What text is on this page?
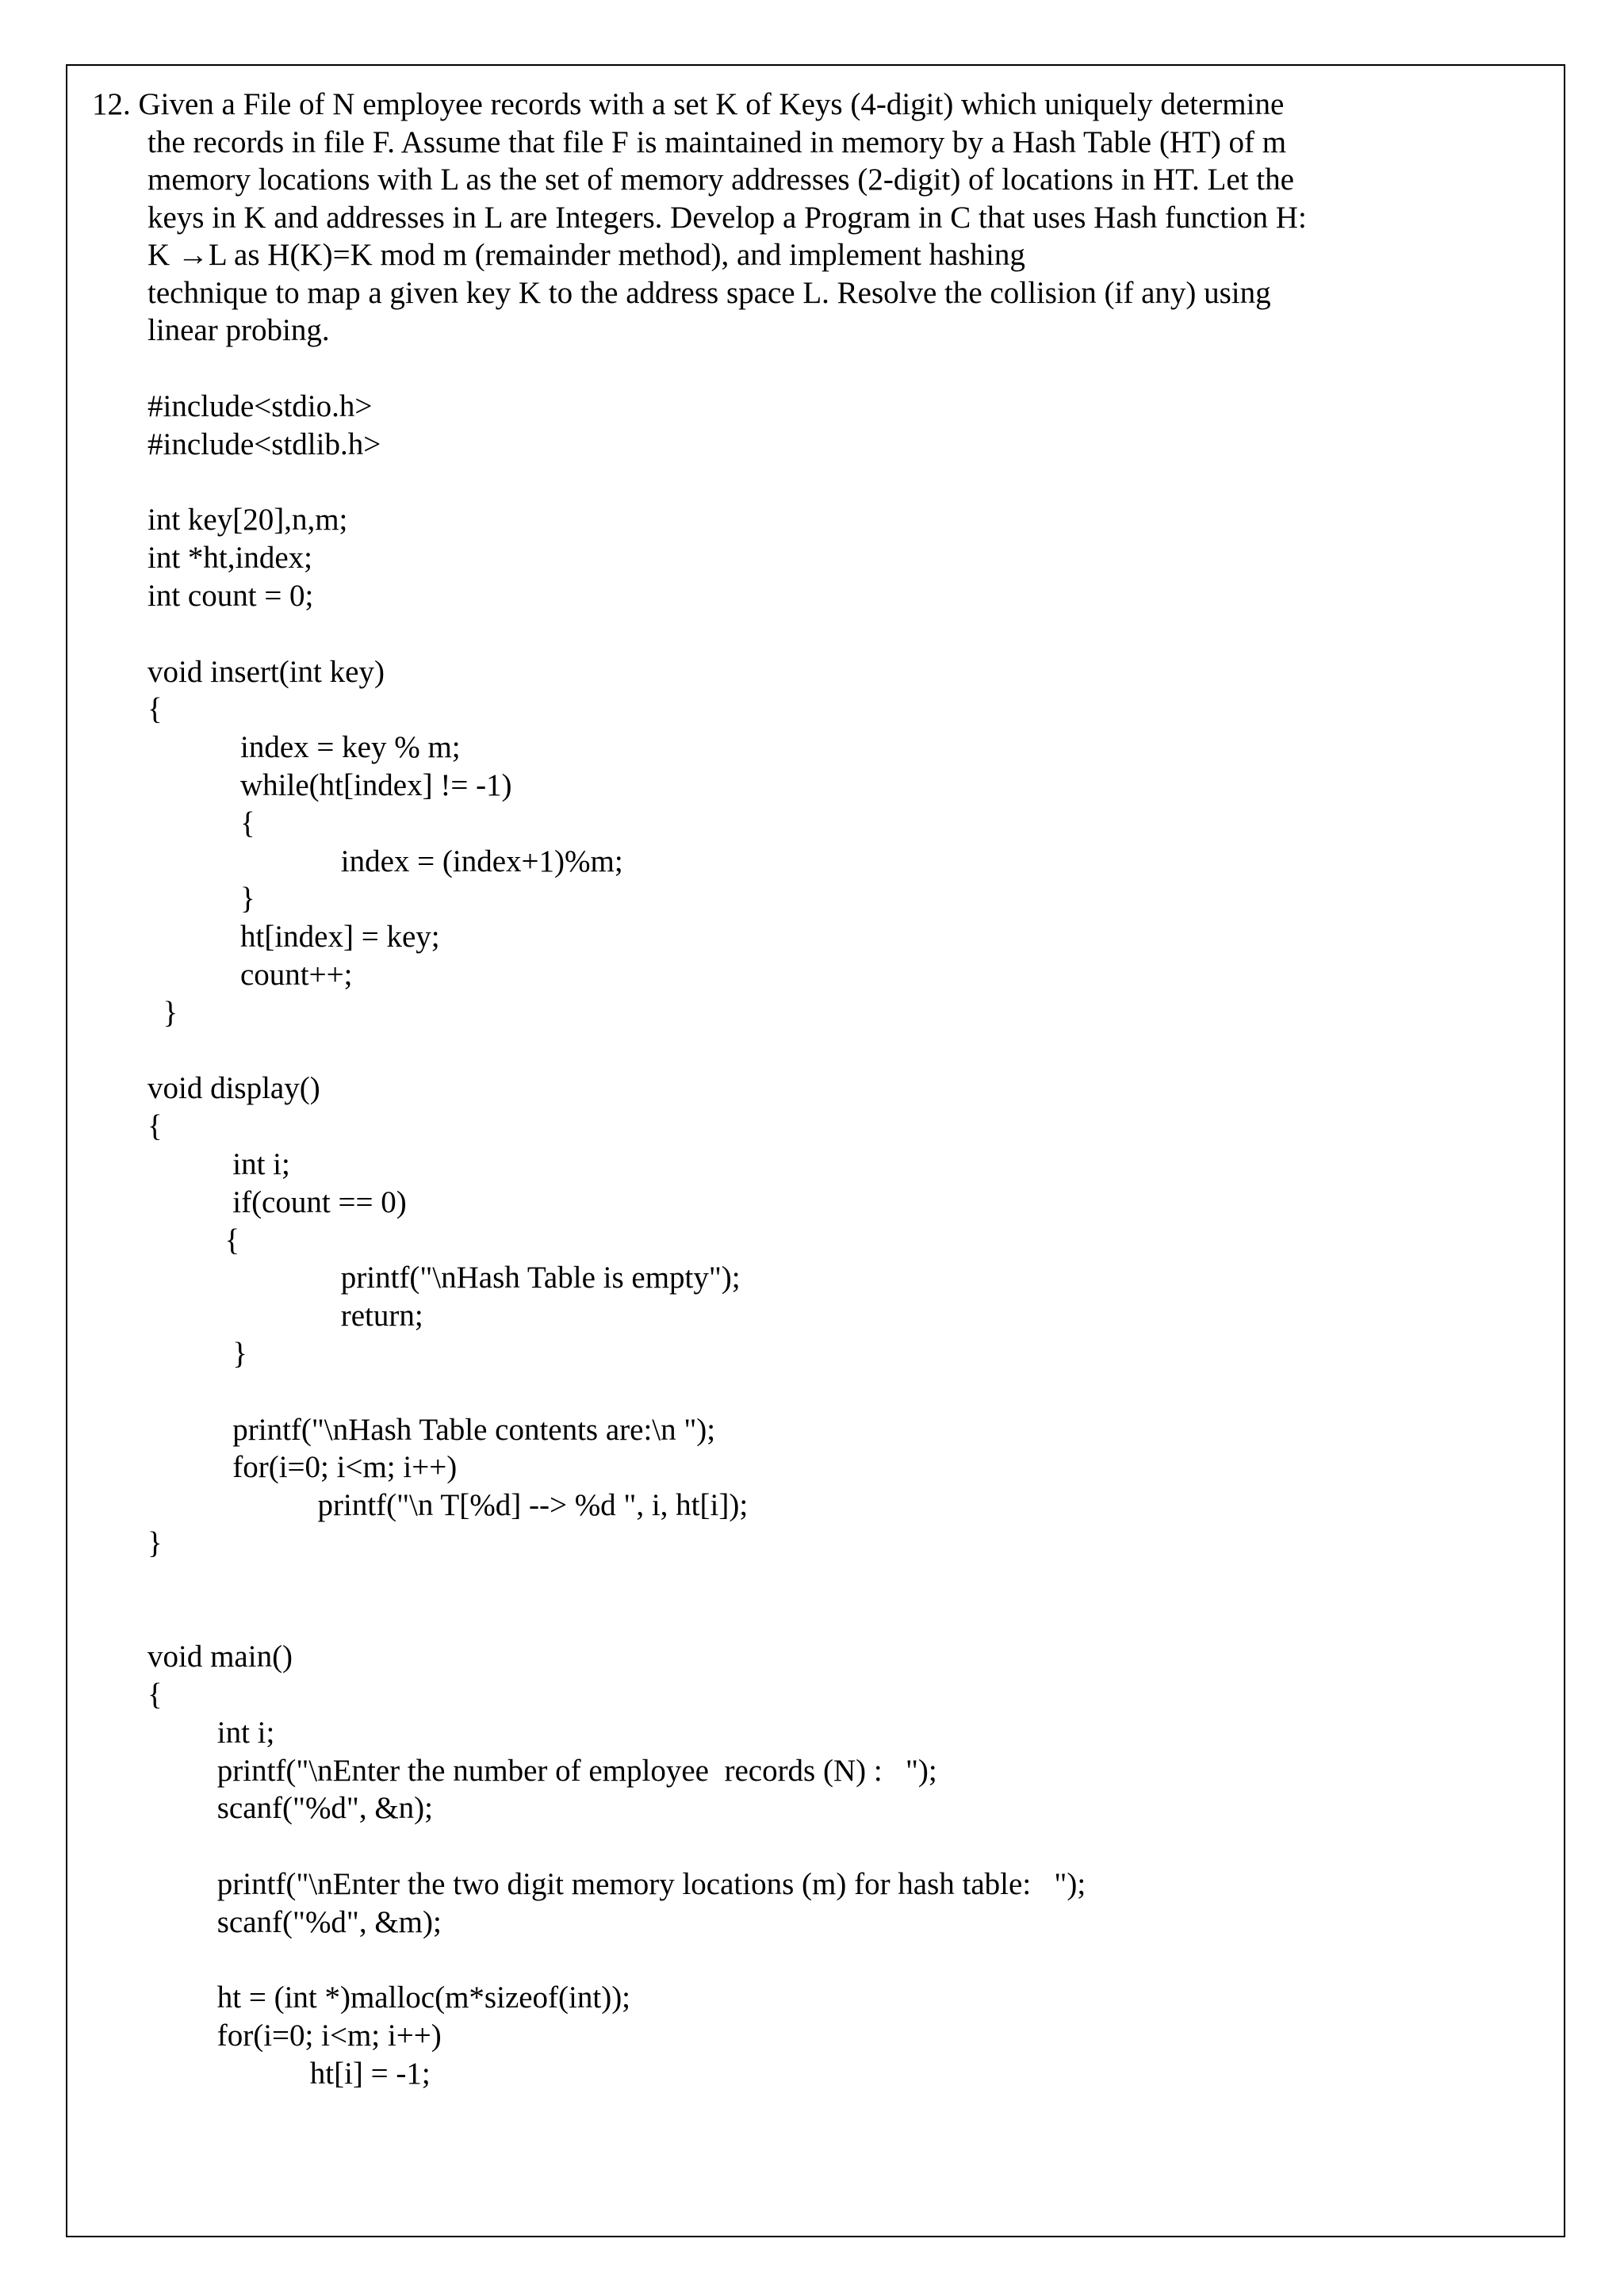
12. Given a File of N employee records with a set K of Keys (4-digit) which uniquely determine
the records in file F. Assume that file F is maintained in memory by a Hash Table (HT) of m
memory locations with L as the set of memory addresses (2-digit) of locations in HT. Let the
keys in K and addresses in L are Integers. Develop a Program in C that uses Hash function H:
K →L as H(K)=K mod m (remainder method), and implement hashing
technique to map a given key K to the address space L. Resolve the collision (if any) using
linear probing.
#include<stdio.h>
#include<stdlib.h>
int key[20],n,m;
int *ht,index;
int count = 0;
void insert(int key)
{
index = key % m;
while(ht[index] != -1)
{
index = (index+1)%m;
}
ht[index] = key;
count++;
}
void display()
{
int i;
if(count == 0)
{
printf("\nHash Table is empty");
return;
}
printf("\nHash Table contents are:\n ");
for(i=0; i<m; i++)
printf("\n T[%d] --> %d ", i, ht[i]);
}
void main()
{
int i;
printf("\nEnter the number of employee  records (N) :   ");
scanf("%d", &n);
printf("\nEnter the two digit memory locations (m) for hash table:   ");
scanf("%d", &m);
ht = (int *)malloc(m*sizeof(int));
for(i=0; i<m; i++)
ht[i] = -1;
